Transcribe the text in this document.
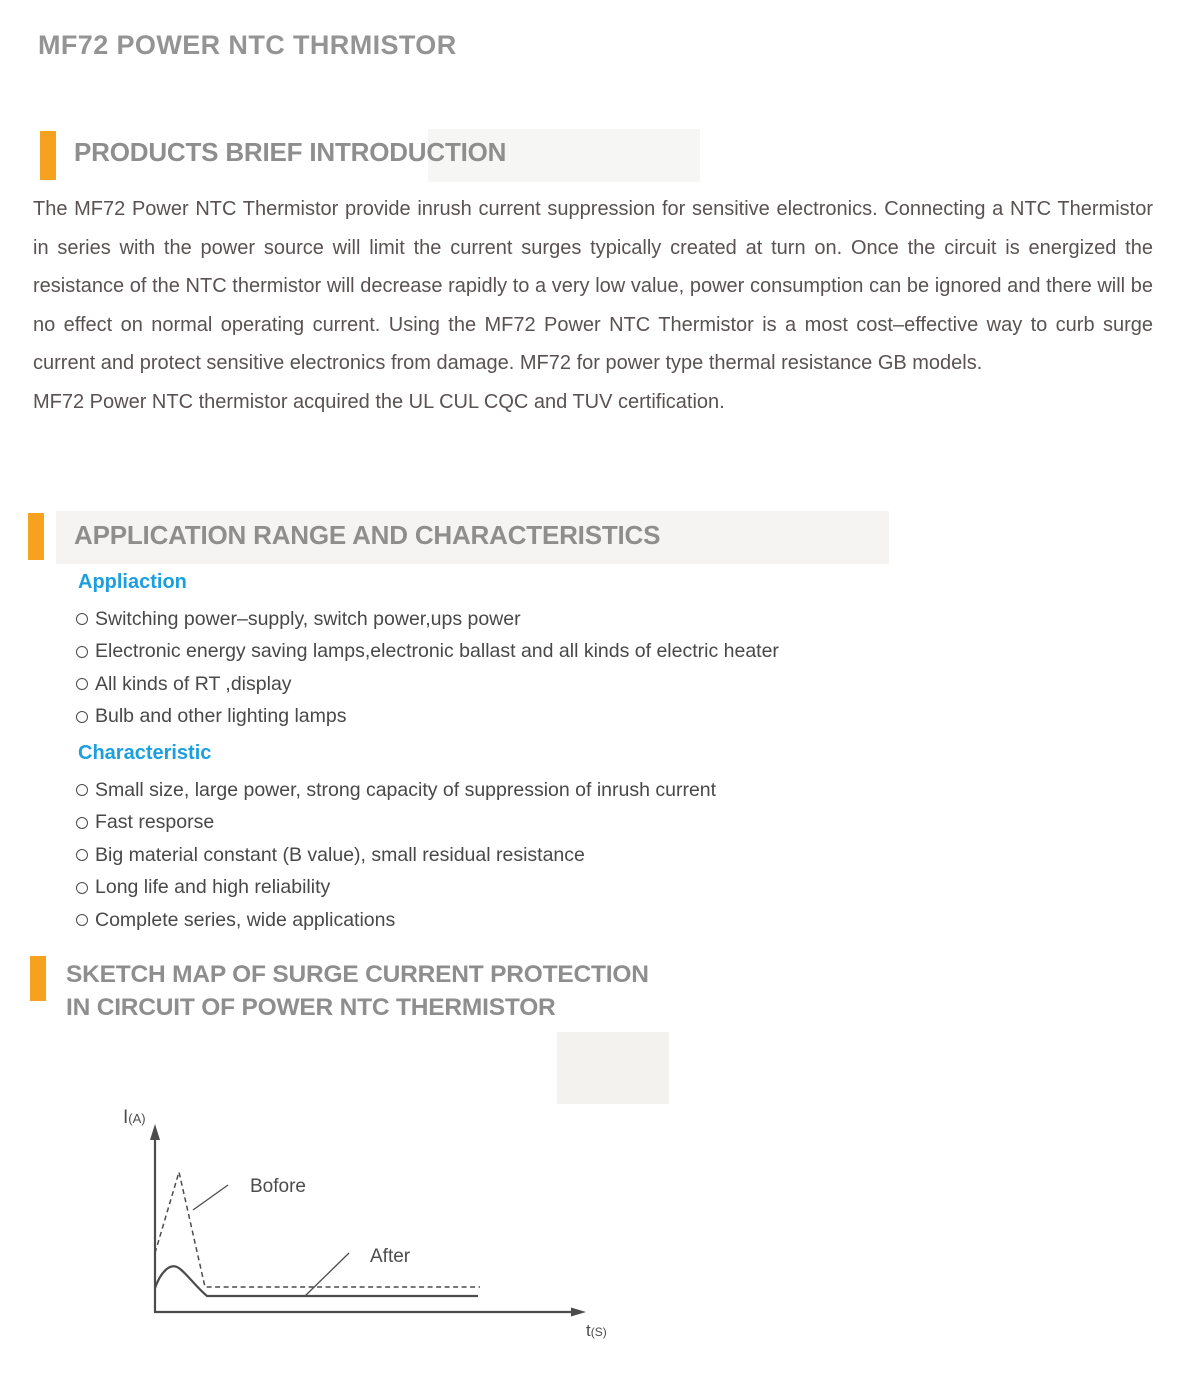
MF72 POWER NTC THRMISTOR
PRODUCTS BRIEF INTRODUCTION

The MF72 Power NTC Thermistor provide inrush current suppression for sensitive electronics. Connecting a NTC Thermistor in series with the power source will limit the current surges typically created at turn on. Once the circuit is energized the resistance of the NTC thermistor will decrease rapidly to a very low value, power consumption can be ignored and there will be no effect on normal operating current. Using the MF72 Power NTC Thermistor is a most cost–effective way to curb surge current and protect sensitive electronics from damage. MF72 for power type thermal resistance GB models.

MF72 Power NTC thermistor acquired the UL CUL CQC and TUV certification.

APPLICATION RANGE AND CHARACTERISTICS
Appliaction
Switching power–supply, switch power,ups power
Electronic energy saving lamps,electronic ballast and all kinds of electric heater
All kinds of RT ,display
Bulb and other lighting lamps
Characteristic
Small size, large power, strong capacity of suppression of inrush current
Fast resporse
Big material constant (B value), small residual resistance
Long life and high reliability
Complete series, wide applications
SKETCH MAP OF SURGE CURRENT PROTECTION
IN CIRCUIT OF POWER NTC THERMISTOR
I(A)
t(S)
Bofore
After
